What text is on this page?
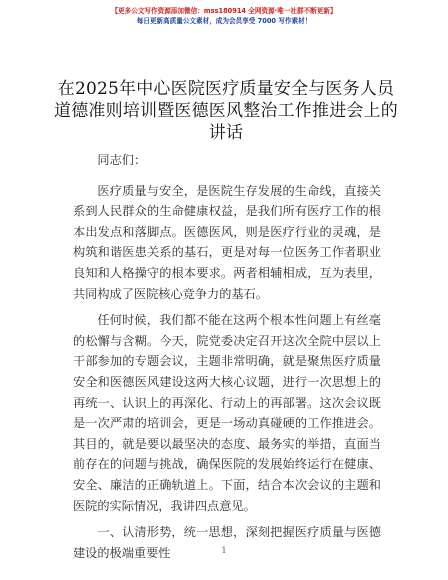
【更多公文写作资源添加微信：mss180914 全网资源·唯一社群不断更新】
每日更新高质量公文素材，成为会员享受 7000 写作素材！
在2025年中心医院医疗质量安全与医务人员道德准则培训暨医德医风整治工作推进会上的讲话

同志们：

医疗质量与安全，是医院生存发展的生命线，直接关系到人民群众的生命健康权益，是我们所有医疗工作的根本出发点和落脚点。医德医风，则是医疗行业的灵魂，是构筑和谐医患关系的基石，更是对每一位医务工作者职业良知和人格操守的根本要求。两者相辅相成，互为表里，共同构成了医院核心竞争力的基石。

任何时候，我们都不能在这两个根本性问题上有丝毫的松懈与含糊。今天，院党委决定召开这次全院中层以上干部参加的专题会议，主题非常明确，就是聚焦医疗质量安全和医德医风建设这两大核心议题，进行一次思想上的再统一、认识上的再深化、行动上的再部署。这次会议既是一次严肃的培训会，更是一场动真碰硬的工作推进会。其目的，就是要以最坚决的态度、最务实的举措，直面当前存在的问题与挑战，确保医院的发展始终运行在健康、安全、廉洁的正确轨道上。下面，结合本次会议的主题和医院的实际情况，我讲四点意见。

一、认清形势，统一思想，深刻把握医疗质量与医德建设的极端重要性	1
